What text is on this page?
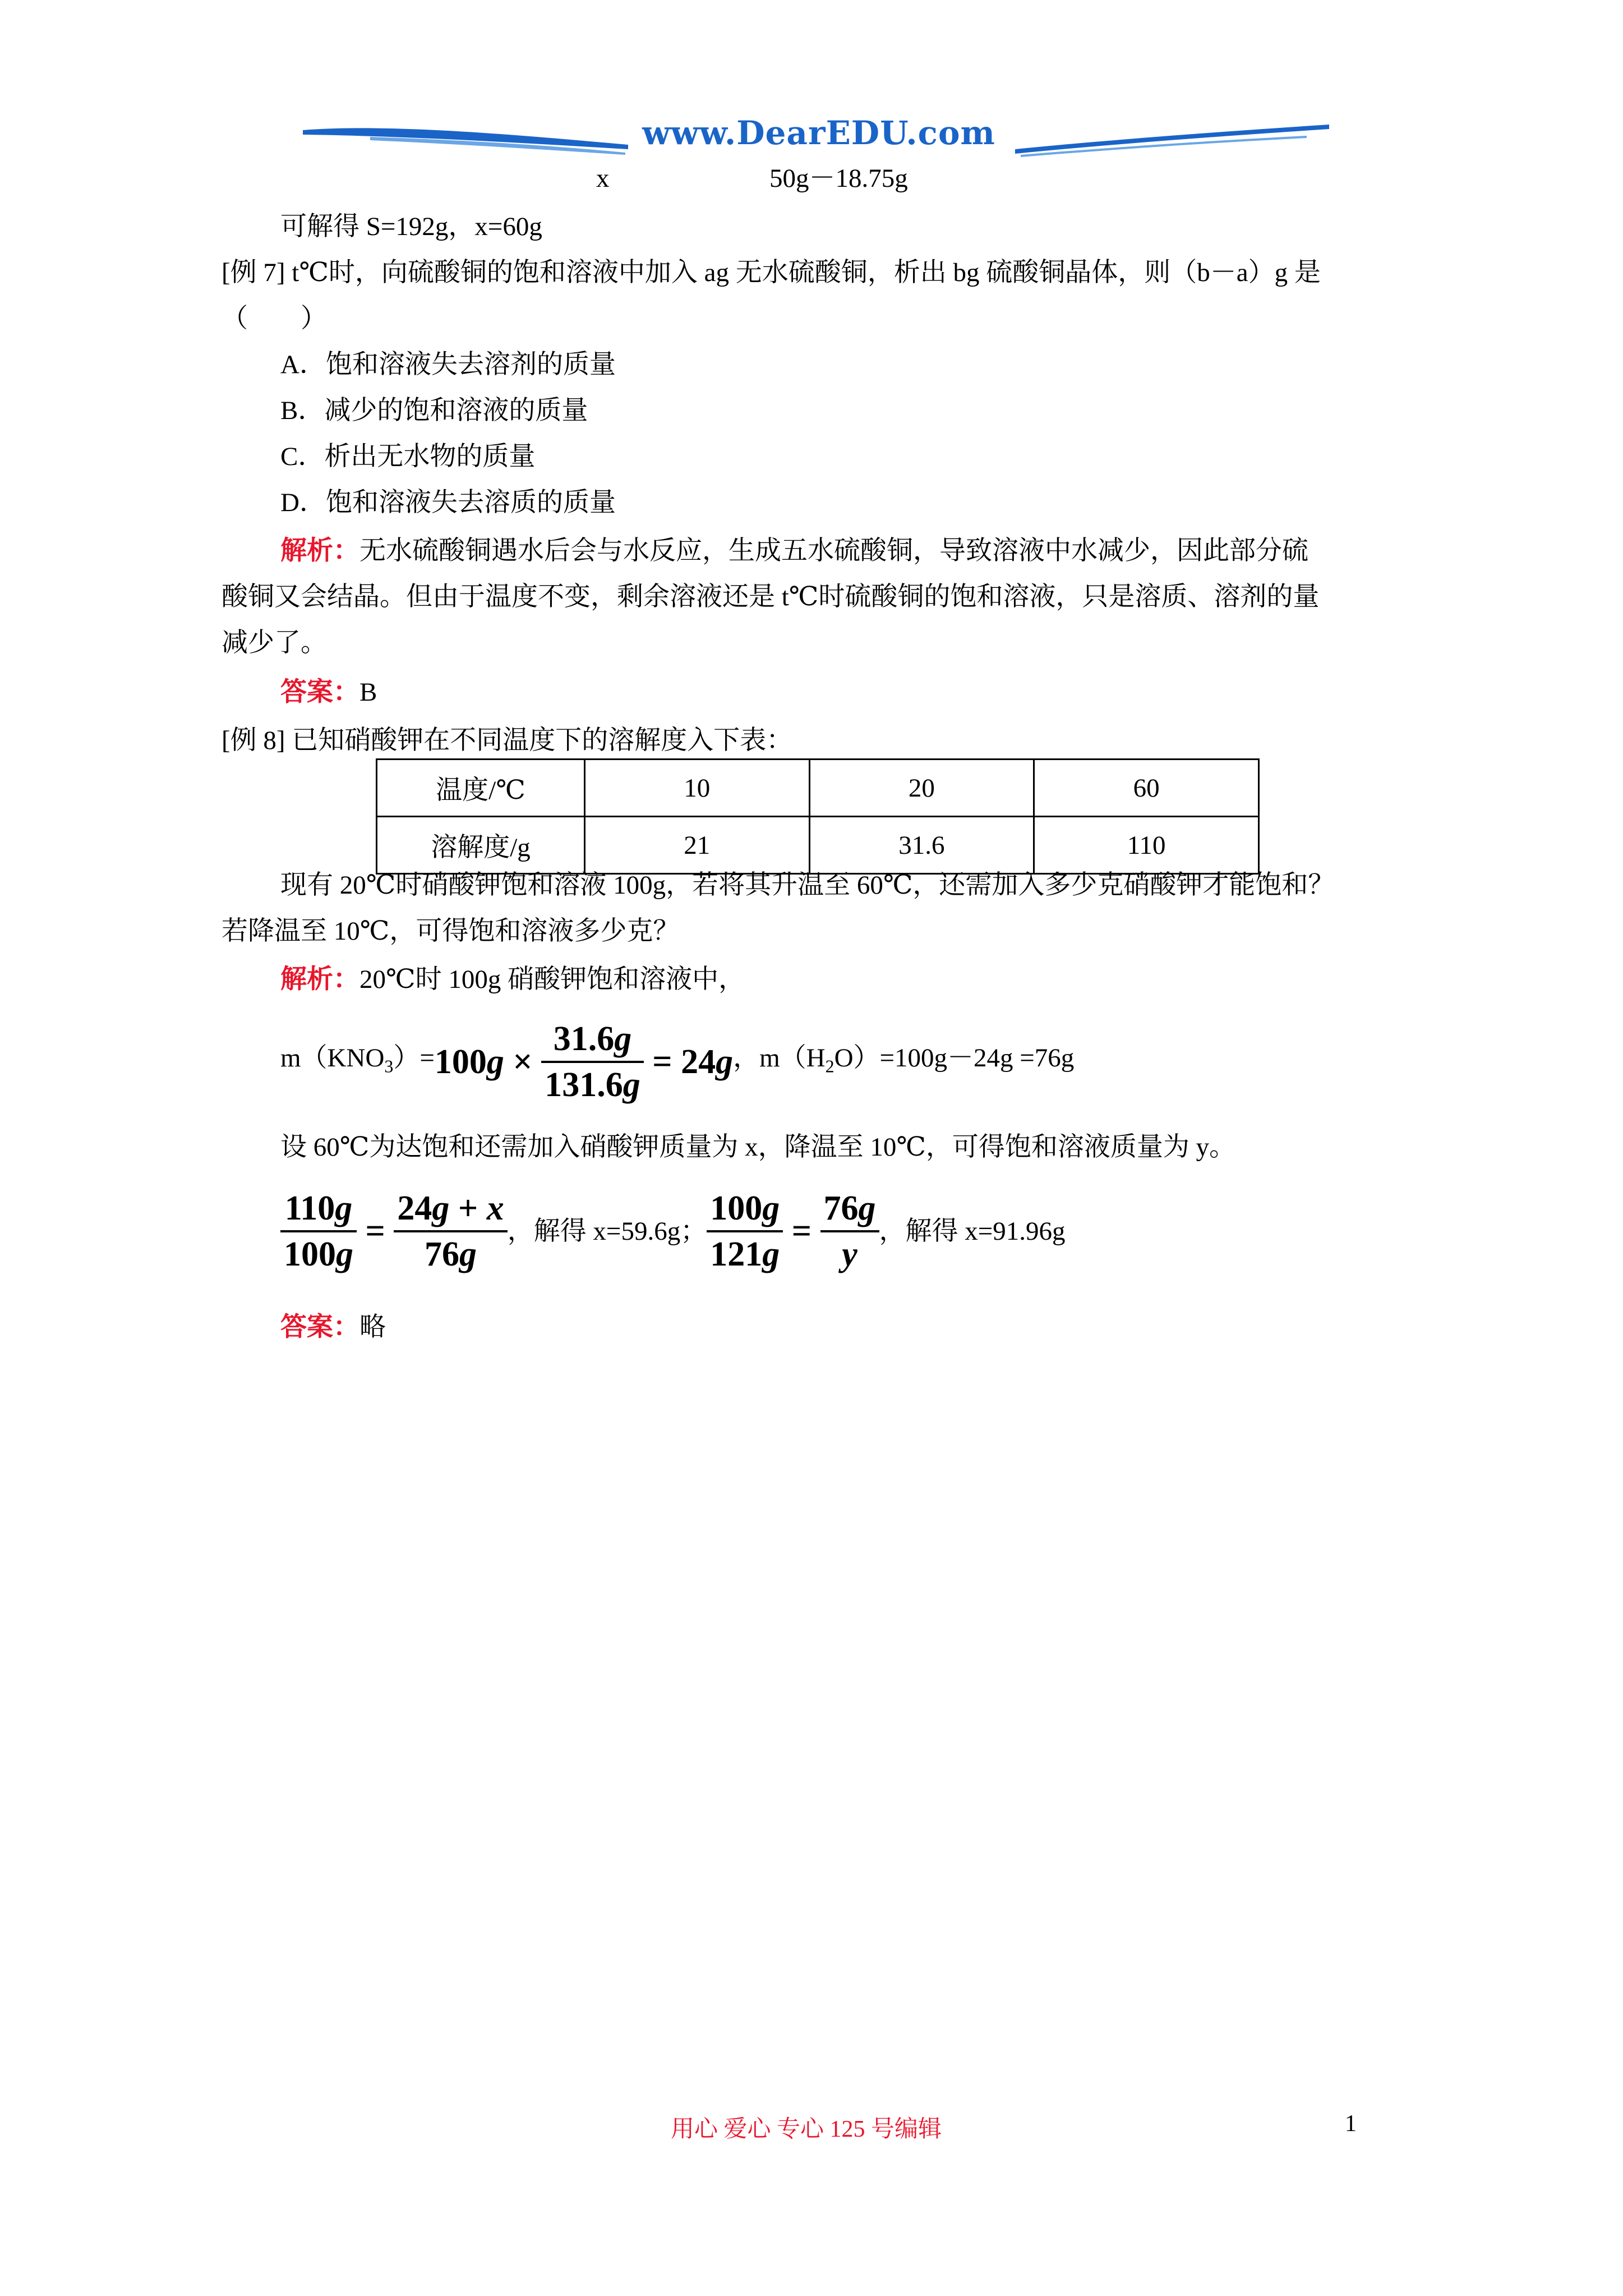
www.DearEDU.com
x	50g－18.75g
可解得 S=192g，x=60g
[例 7] t℃时，向硫酸铜的饱和溶液中加入 ag 无水硫酸铜，析出 bg 硫酸铜晶体，则（b－a）g 是
（　　）
A．饱和溶液失去溶剂的质量
B．减少的饱和溶液的质量
C．析出无水物的质量
D．饱和溶液失去溶质的质量
解析：无水硫酸铜遇水后会与水反应，生成五水硫酸铜，导致溶液中水减少，因此部分硫
酸铜又会结晶。但由于温度不变，剩余溶液还是 t℃时硫酸铜的饱和溶液，只是溶质、溶剂的量
减少了。
答案：B
[例 8] 已知硝酸钾在不同温度下的溶解度入下表：
温度/℃	10	20	60
溶解度/g	21	31.6	110
现有 20℃时硝酸钾饱和溶液 100g，若将其升温至 60℃，还需加入多少克硝酸钾才能饱和？
若降温至 10℃，可得饱和溶液多少克？
解析：20℃时 100g 硝酸钾饱和溶液中，
$m(KNO_3)= 100g \times \frac{31.6g}{131.6g} = 24g$ ，$m(H_2O)=100g-24g =76g$
设 60℃为达饱和还需加入硝酸钾质量为 x，降温至 10℃，可得饱和溶液质量为 y。
$\frac{110g}{100g} = \frac{24g + x}{76g}$ ，解得 x=59.6g； $\frac{100g}{121g} = \frac{76g}{y}$ ，解得 x=91.96g
答案：略
用心 爱心 专心 125 号编辑	1
